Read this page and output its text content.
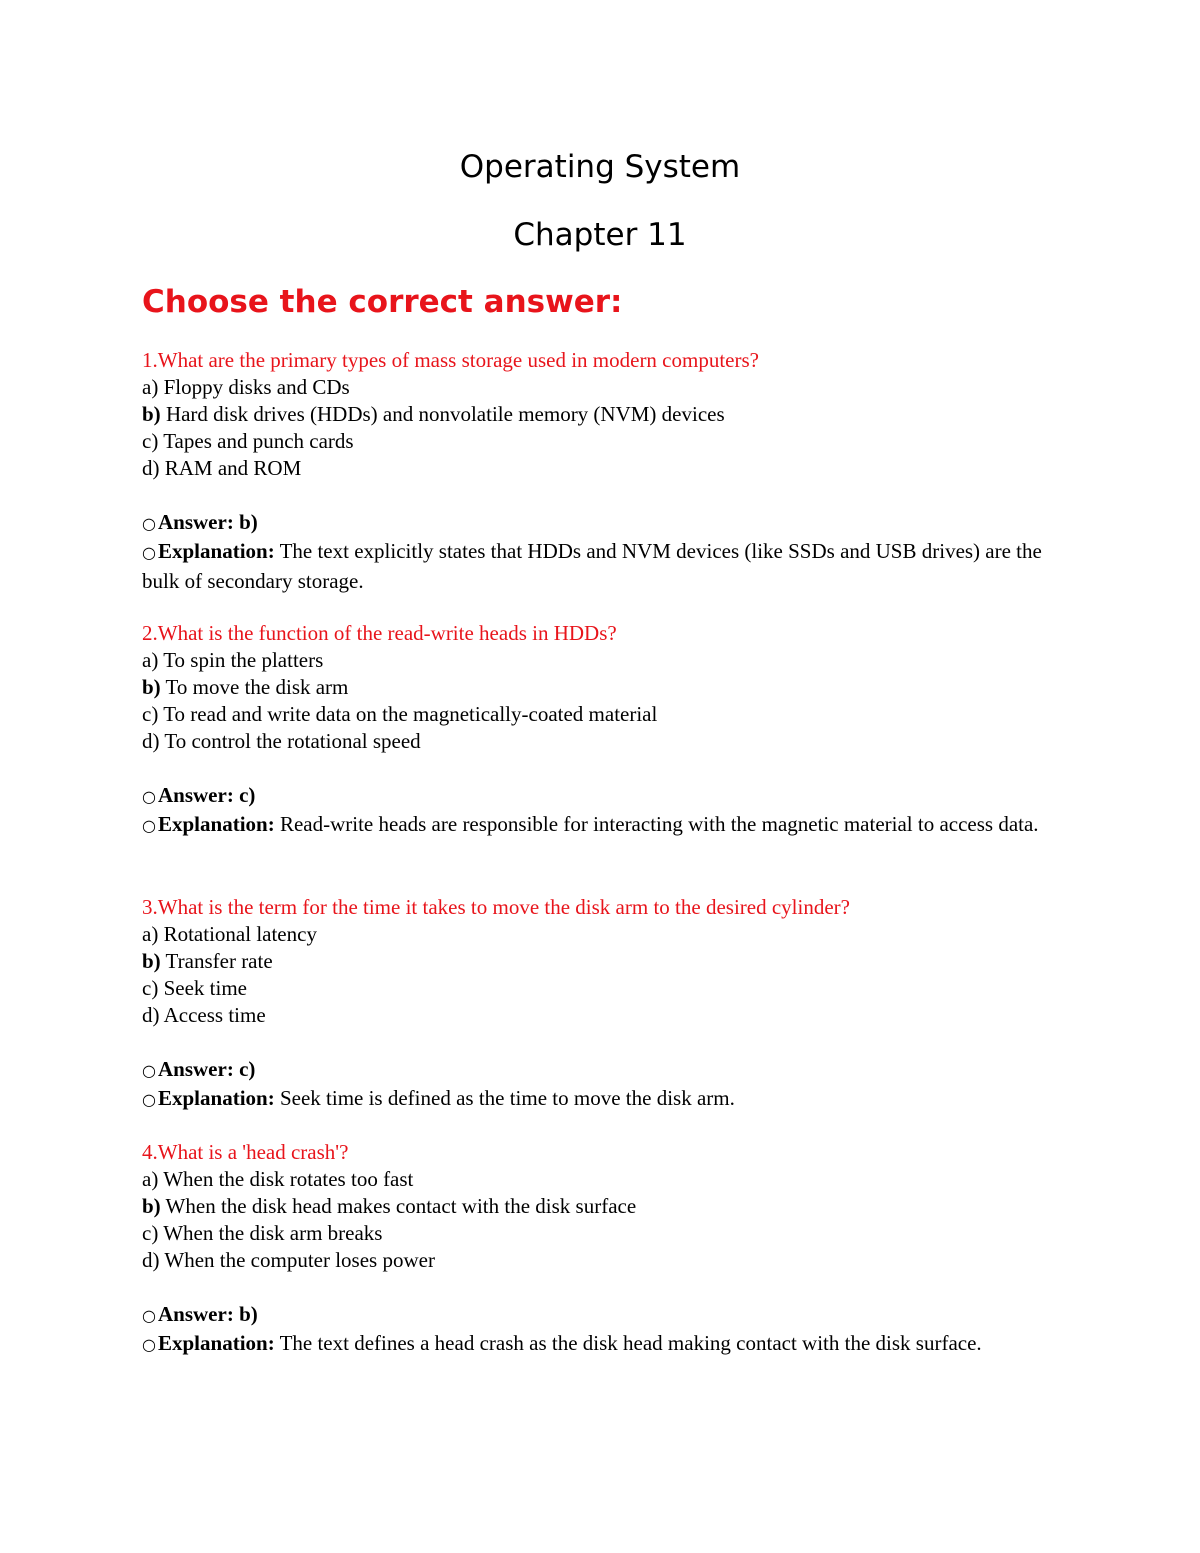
Operating System
Chapter 11
Choose the correct answer:
1.What are the primary types of mass storage used in modern computers?
a) Floppy disks and CDs
b) Hard disk drives (HDDs) and nonvolatile memory (NVM) devices
c) Tapes and punch cards
d) RAM and ROM
○Answer: b)
○Explanation: The text explicitly states that HDDs and NVM devices (like SSDs and USB drives) are the bulk of secondary storage.
2.What is the function of the read-write heads in HDDs?
a) To spin the platters
b) To move the disk arm
c) To read and write data on the magnetically-coated material
d) To control the rotational speed
○Answer: c)
○Explanation: Read-write heads are responsible for interacting with the magnetic material to access data.
3.What is the term for the time it takes to move the disk arm to the desired cylinder?
a) Rotational latency
b) Transfer rate
c) Seek time
d) Access time
○Answer: c)
○Explanation: Seek time is defined as the time to move the disk arm.
4.What is a 'head crash'?
a) When the disk rotates too fast
b) When the disk head makes contact with the disk surface
c) When the disk arm breaks
d) When the computer loses power
○Answer: b)
○Explanation: The text defines a head crash as the disk head making contact with the disk surface.
